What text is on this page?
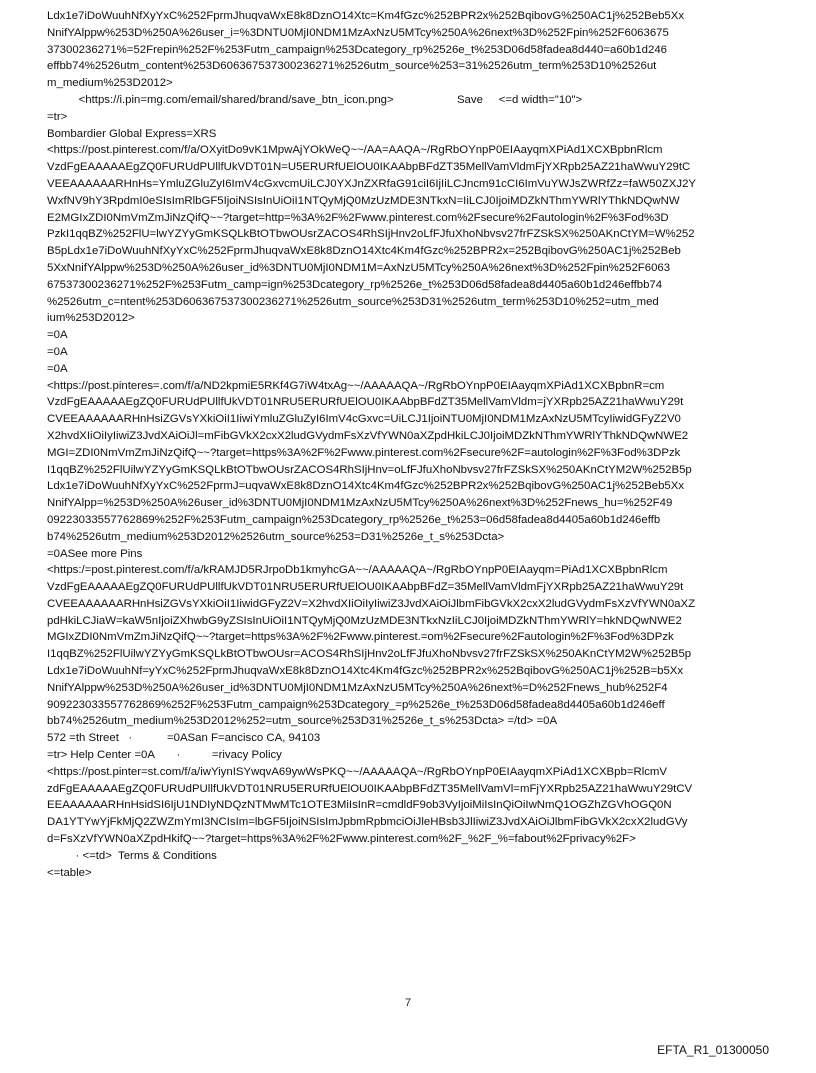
Ldx1e7iDoWuuhNfXyYxC%252FprmJhuqvaWxE8k8DznO14Xtc=Km4fGzc%252BPR2x%252BqibovG%250AC1j%252Beb5Xx
NnifYAlppw%253D%250A%26user_i=%3DNTU0MjI0NDM1MzAxNzU5MTcy%250A%26next%3D%252Fpin%252F6063675
37300236271%=52Frepin%252F%253Futm_campaign%253Dcategory_rp%2526e_t%253D06d58fadea8d440=a60b1d246
effbb74%2526utm_content%253D606367537300236271%2526utm_source%253=31%2526utm_term%253D10%2526ut
m_medium%253D2012>
<https://i.pin=mg.com/email/shared/brand/save_btn_icon.png>                    Save     <=d width="10">
=tr>
Bombardier Global Express=XRS
<https://post.pinterest.com/f/a/OXyitDo9vK1MpwAjYOkWeQ~~/AA=AAQA~/RgRbOYnpP0EIAayqmXPiAd1XCXBpbnRlcm
VzdFgEAAAAAEgZQ0FURUdPUllfUkVDT01N=U5ERURfUElOU0IKAAbpBFdZT35MellVamVldmFjYXRpb25AZ21haWwuY29tC
VEEAAAAAARHnHs=YmluZGluZyI6ImV4cGxvcmUiLCJ0YXJnZXRfaG91ciI6IjIiLCJncm91cCI6ImVuYWJsZWRfZz=faW50ZXJ2Y
WxfNV9hY3RpdmI0eSIsImRlbGF5IjoiNSIsInUiOiI1NTQyMjQ0MzUzMDE3NTkxN=IiLCJ0IjoiMDZkNThmYWRlYThkNDQwNW
E2MGIxZDI0NmVmZmJiNzQifQ~~?target=http=%3A%2F%2Fwww.pinterest.com%2Fsecure%2Fautologin%2F%3Fod%3D
PzkI1qqBZ%252FlU=lwYZYyGmKSQLkBtOTbwOUsrZACOS4RhSIjHnv2oLfFJfuXhoNbvsv27frFZSkSX%250AKnCtYM=W%252
B5pLdx1e7iDoWuuhNfXyYxC%252FprmJhuqvaWxE8k8DznO14Xtc4Km4fGzc%252BPR2x=252BqibovG%250AC1j%252Beb
5XxNnifYAlppw%253D%250A%26user_id%3DNTU0MjI0NDM1M=AxNzU5MTcy%250A%26next%3D%252Fpin%252F6063
67537300236271%252F%253Futm_camp=ign%253Dcategory_rp%2526e_t%253D06d58fadea8d4405a60b1d246effbb74
%2526utm_c=ntent%253D606367537300236271%2526utm_source%253D31%2526utm_term%253D10%252=utm_med
ium%253D2012>
=0A
=0A
=0A
<https://post.pinteres=.com/f/a/ND2kpmiE5RKf4G7iW4txAg~~/AAAAAQA~/RgRbOYnpP0EIAayqmXPiAd1XCXBpbnR=cm
VzdFgEAAAAAEgZQ0FURUdPUllfUkVDT01NRU5ERURfUElOU0IKAAbpBFdZT35MellVamVldm=jYXRpb25AZ21haWwuY29t
CVEEAAAAAARHnHsiZGVsYXkiOiI1IiwiYmluZGluZyI6ImV4cGxvc=UiLCJ1IjoiNTU0MjI0NDM1MzAxNzU5MTcyIiwidGFyZ2V0
X2hvdXIiOiIyIiwiZ3JvdXAiOiJl=mFibGVkX2cxX2ludGVydmFsXzVfYWN0aXZpdHkiLCJ0IjoiMDZkNThmYWRlYThkNDQwNWE2
MGI=ZDI0NmVmZmJiNzQifQ~~?target=https%3A%2F%2Fwww.pinterest.com%2Fsecure%2F=autologin%2F%3Fod%3DPzk
I1qqBZ%252FlUilwYZYyGmKSQLkBtOTbwOUsrZACOS4RhSIjHnv=oLfFJfuXhoNbvsv27frFZSkSX%250AKnCtYM2W%252B5p
Ldx1e7iDoWuuhNfXyYxC%252FprmJ=uqvaWxE8k8DznO14Xtc4Km4fGzc%252BPR2x%252BqibovG%250AC1j%252Beb5Xx
NnifYAlpp=%253D%250A%26user_id%3DNTU0MjI0NDM1MzAxNzU5MTcy%250A%26next%3D%252Fnews_hu=%252F49
09223033557762869%252F%253Futm_campaign%253Dcategory_rp%2526e_t%253=06d58fadea8d4405a60b1d246effb
b74%2526utm_medium%253D2012%2526utm_source%253=D31%2526e_t_s%253Dcta>
=0ASee more Pins
<https:/=post.pinterest.com/f/a/kRAMJD5RJrpoDb1kmyhcGA~~/AAAAAQA~/RgRbOYnpP0EIAayqm=PiAd1XCXBpbnRlcm
VzdFgEAAAAAEgZQ0FURUdPUllfUkVDT01NRU5ERURfUElOU0IKAAbpBFdZ=35MellVamVldmFjYXRpb25AZ21haWwuY29t
CVEEAAAAAARHnHsiZGVsYXkiOiI1IiwidGFyZ2V=X2hvdXIiOiIyIiwiZ3JvdXAiOiJlbmFibGVkX2cxX2ludGVydmFsXzVfYWN0aXZ
pdHkiLCJiaW=kaW5nIjoiZXhwbG9yZSIsInUiOiI1NTQyMjQ0MzUzMDE3NTkxNzIiLCJ0IjoiMDZkNThmYWRlY=hkNDQwNWE2
MGIxZDI0NmVmZmJiNzQifQ~~?target=https%3A%2F%2Fwww.pinterest.=om%2Fsecure%2Fautologin%2F%3Fod%3DPzk
I1qqBZ%252FlUilwYZYyGmKSQLkBtOTbwOUsr=ACOS4RhSIjHnv2oLfFJfuXhoNbvsv27frFZSkSX%250AKnCtYM2W%252B5p
Ldx1e7iDoWuuhNf=yYxC%252FprmJhuqvaWxE8k8DznO14Xtc4Km4fGzc%252BPR2x%252BqibovG%250AC1j%252B=b5Xx
NnifYAlppw%253D%250A%26user_id%3DNTU0MjI0NDM1MzAxNzU5MTcy%250A%26next%=D%252Fnews_hub%252F4
909223033557762869%252F%253Futm_campaign%253Dcategory_=p%2526e_t%253D06d58fadea8d4405a60b1d246eff
bb74%2526utm_medium%253D2012%252=utm_source%253D31%2526e_t_s%253Dcta> =/td> =0A
572 =th Street   ·           =0ASan F=ancisco CA, 94103
=tr> Help Center =0A       ·          =rivacy Policy
<https://post.pinter=st.com/f/a/iwYiynISYwqvA69ywWsPKQ~~/AAAAAQA~/RgRbOYnpP0EIAayqmXPiAd1XCXBpb=RlcmV
zdFgEAAAAAEgZQ0FURUdPUllfUkVDT01NRU5ERURfUElOU0IKAAbpBFdZT35MellVamVl=mFjYXRpb25AZ21haWwuY29tCV
EEAAAAAARHnHsidSI6IjU1NDIyNDQzNTMwMTc1OTE3MiIsInR=cmdldF9ob3VyIjoiMiIsInQiOiIwNmQ1OGZhZGVhOGQ0N
DA1YTYwYjFkMjQ2ZWZmYmI3NCIsIm=lbGF5IjoiNSIsImJpbmRpbmciOiJleHBsb3JlIiwiZ3JvdXAiOiJlbmFibGVkX2cxX2ludGVy
d=FsXzVfYWN0aXZpdHkifQ~~?target=https%3A%2F%2Fwww.pinterest.com%2F_%2F_%=fabout%2Fprivacy%2F>
· <=td>  Terms & Conditions
<=table>
7
EFTA_R1_01300050
